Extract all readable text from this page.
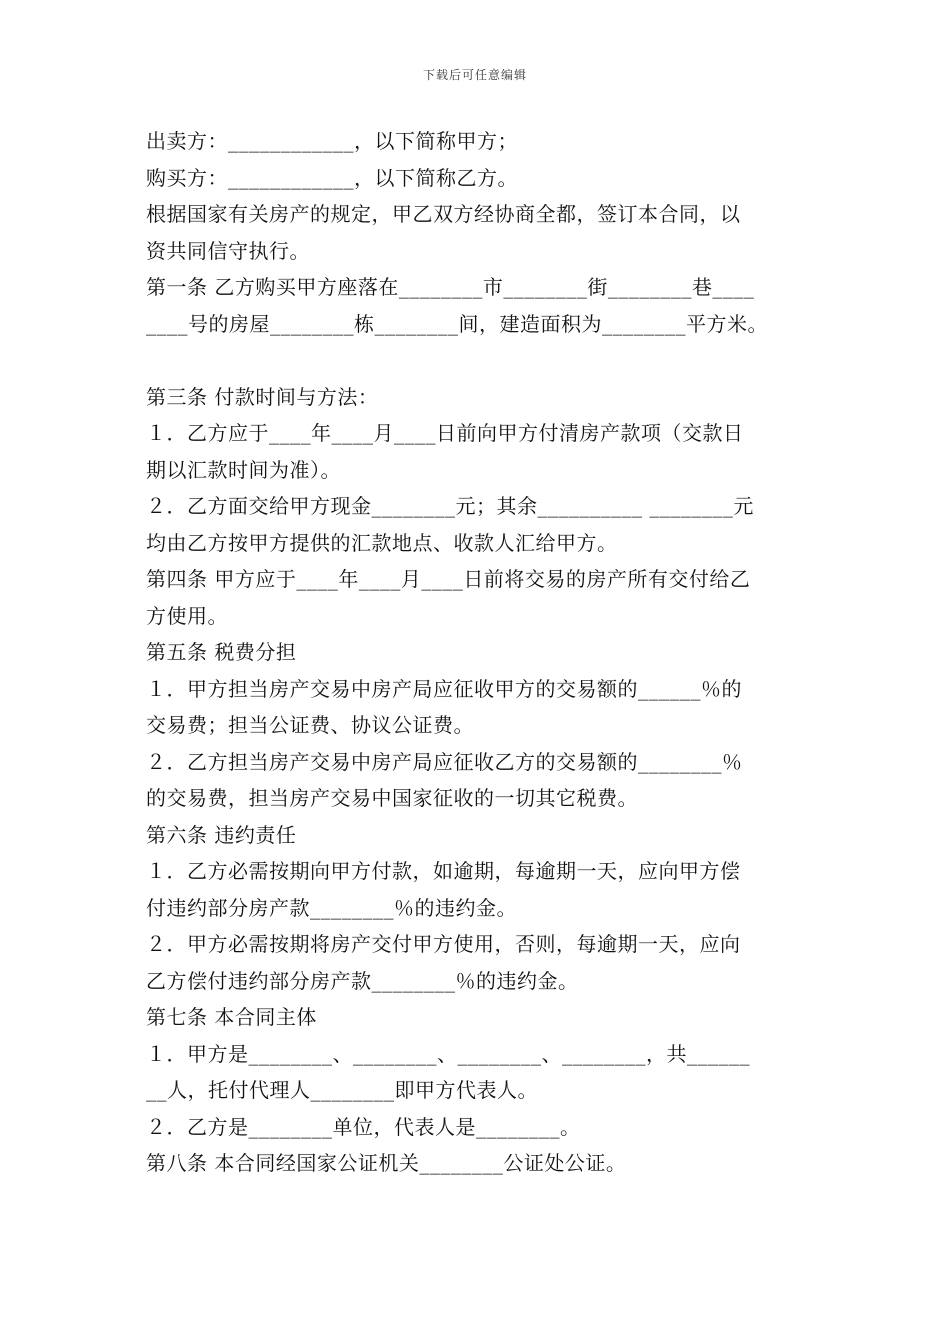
下载后可任意编辑
出卖方：____________，以下简称甲方；
购买方：____________，以下简称乙方。
根据国家有关房产的规定，甲乙双方经协商全都，签订本合同，以
资共同信守执行。
第一条 乙方购买甲方座落在________市________街________巷____
____号的房屋________栋________间，建造面积为________平方米。
第三条 付款时间与方法：
１．乙方应于____年____月____日前向甲方付清房产款项（交款日
期以汇款时间为准）。
２．乙方面交给甲方现金________元；其余__________ ________元
均由乙方按甲方提供的汇款地点、收款人汇给甲方。
第四条 甲方应于____年____月____日前将交易的房产所有交付给乙
方使用。
第五条 税费分担
１．甲方担当房产交易中房产局应征收甲方的交易额的______％的
交易费；担当公证费、协议公证费。
２．乙方担当房产交易中房产局应征收乙方的交易额的________％
的交易费，担当房产交易中国家征收的一切其它税费。
第六条 违约责任
１．乙方必需按期向甲方付款，如逾期，每逾期一天，应向甲方偿
付违约部分房产款________％的违约金。
２．甲方必需按期将房产交付甲方使用，否则，每逾期一天，应向
乙方偿付违约部分房产款________％的违约金。
第七条 本合同主体
１．甲方是________、________、________、________，共______
__人，托付代理人________即甲方代表人。
２．乙方是________单位，代表人是________。
第八条 本合同经国家公证机关________公证处公证。
